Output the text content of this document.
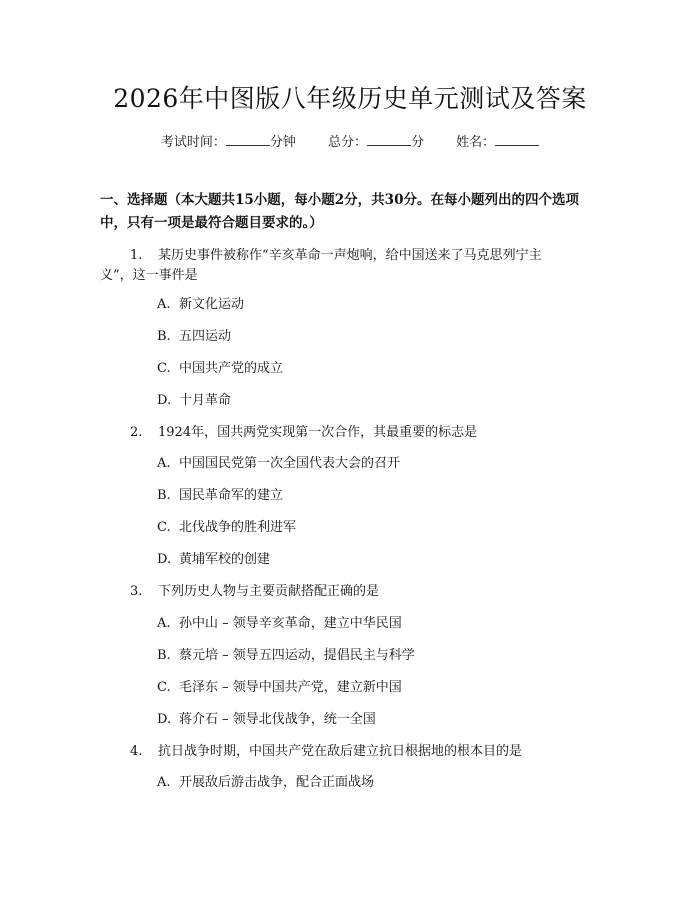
2026年中图版八年级历史单元测试及答案
考试时间：	分钟 总分：	分 姓名：
一、选择题（本大题共15小题，每小题2分，共30分。在每小题列出的四个选项中，只有一项是最符合题目要求的。）
1. 某历史事件被称作“辛亥革命一声炮响，给中国送来了马克思列宁主
义”，这一事件是
A. 新文化运动
B. 五四运动
C. 中国共产党的成立
D. 十月革命
2. 1924年，国共两党实现第一次合作，其最重要的标志是
A. 中国国民党第一次全国代表大会的召开
B. 国民革命军的建立
C. 北伐战争的胜利进军
D. 黄埔军校的创建
3. 下列历史人物与主要贡献搭配正确的是
A. 孙中山 – 领导辛亥革命，建立中华民国
B. 蔡元培 – 领导五四运动，提倡民主与科学
C. 毛泽东 – 领导中国共产党，建立新中国
D. 蒋介石 – 领导北伐战争，统一全国
4. 抗日战争时期，中国共产党在敌后建立抗日根据地的根本目的是
A. 开展敌后游击战争，配合正面战场
